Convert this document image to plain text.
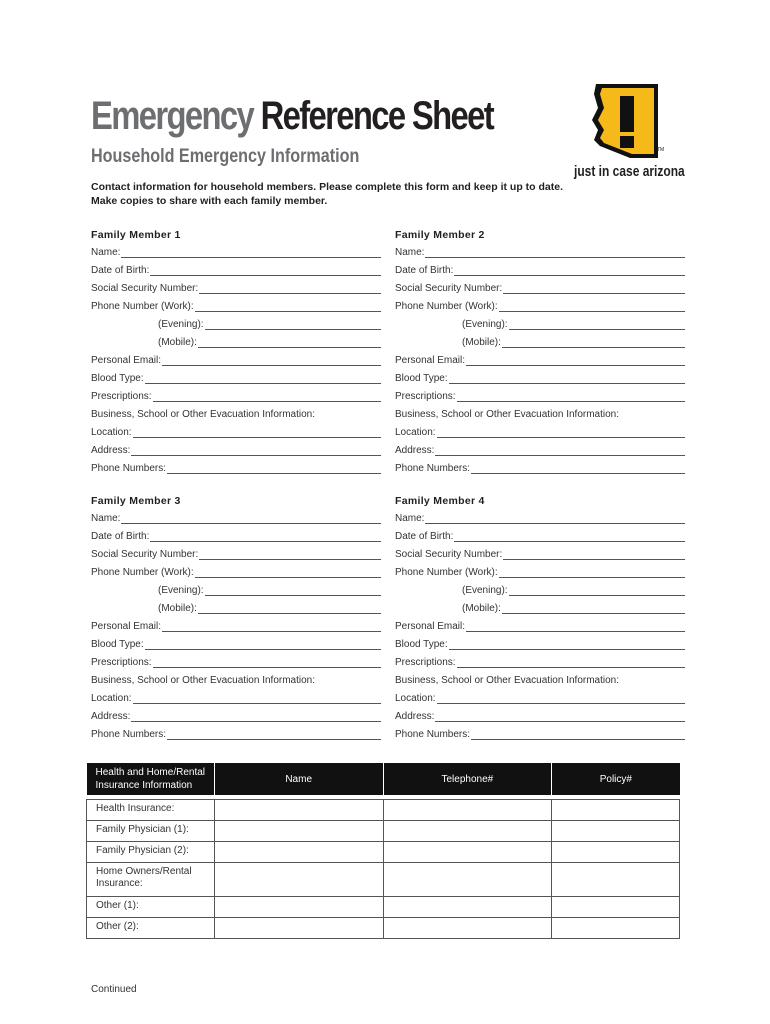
Emergency Reference Sheet
Household Emergency Information
Contact information for household members. Please complete this form and keep it up to date. Make copies to share with each family member.
TM
just in case arizona
Family Member 1
Name:
Date of Birth:
Social Security Number:
Phone Number (Work):
(Evening):
(Mobile):
Personal Email:
Blood Type:
Prescriptions:
Business, School or Other Evacuation Information:
Location:
Address:
Phone Numbers:
Family Member 2
Name:
Date of Birth:
Social Security Number:
Phone Number (Work):
(Evening):
(Mobile):
Personal Email:
Blood Type:
Prescriptions:
Business, School or Other Evacuation Information:
Location:
Address:
Phone Numbers:
Family Member 3
Name:
Date of Birth:
Social Security Number:
Phone Number (Work):
(Evening):
(Mobile):
Personal Email:
Blood Type:
Prescriptions:
Business, School or Other Evacuation Information:
Location:
Address:
Phone Numbers:
Family Member 4
Name:
Date of Birth:
Social Security Number:
Phone Number (Work):
(Evening):
(Mobile):
Personal Email:
Blood Type:
Prescriptions:
Business, School or Other Evacuation Information:
Location:
Address:
Phone Numbers:
Health and Home/Rental Insurance Information	Name	Telephone#	Policy#

Health Insurance:			
Family Physician (1):			
Family Physician (2):			
Home Owners/Rental Insurance:			
Other (1):			
Other (2):			
Continued
